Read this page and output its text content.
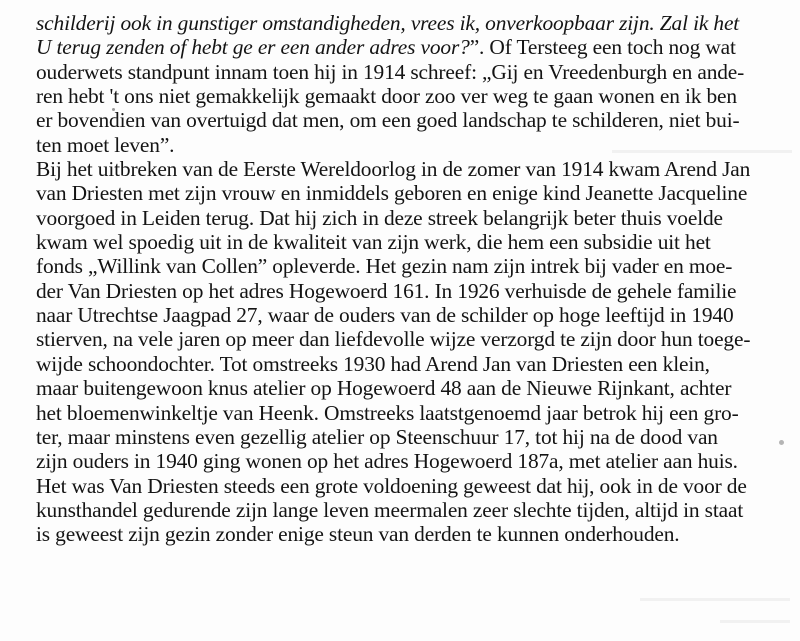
schilderij ook in gunstiger omstandigheden, vrees ik, onverkoopbaar zijn. Zal ik het
U terug zenden of hebt ge er een ander adres voor?”. Of Tersteeg een toch nog wat
ouderwets standpunt innam toen hij in 1914 schreef: „Gij en Vreedenburgh en ande-
ren hebt 't ons niet gemakkelijk gemaakt door zoo ver weg te gaan wonen en ik ben
er bovendien van overtuigd dat men, om een goed landschap te schilderen, niet bui-
ten moet leven”.
Bij het uitbreken van de Eerste Wereldoorlog in de zomer van 1914 kwam Arend Jan
van Driesten met zijn vrouw en inmiddels geboren en enige kind Jeanette Jacqueline
voorgoed in Leiden terug. Dat hij zich in deze streek belangrijk beter thuis voelde
kwam wel spoedig uit in de kwaliteit van zijn werk, die hem een subsidie uit het
fonds „Willink van Collen” opleverde. Het gezin nam zijn intrek bij vader en moe-
der Van Driesten op het adres Hogewoerd 161. In 1926 verhuisde de gehele familie
naar Utrechtse Jaagpad 27, waar de ouders van de schilder op hoge leeftijd in 1940
stierven, na vele jaren op meer dan liefdevolle wijze verzorgd te zijn door hun toege-
wijde schoondochter. Tot omstreeks 1930 had Arend Jan van Driesten een klein,
maar buitengewoon knus atelier op Hogewoerd 48 aan de Nieuwe Rijnkant, achter
het bloemenwinkeltje van Heenk. Omstreeks laatstgenoemd jaar betrok hij een gro-
ter, maar minstens even gezellig atelier op Steenschuur 17, tot hij na de dood van
zijn ouders in 1940 ging wonen op het adres Hogewoerd 187a, met atelier aan huis.
Het was Van Driesten steeds een grote voldoening geweest dat hij, ook in de voor de
kunsthandel gedurende zijn lange leven meermalen zeer slechte tijden, altijd in staat
is geweest zijn gezin zonder enige steun van derden te kunnen onderhouden.
